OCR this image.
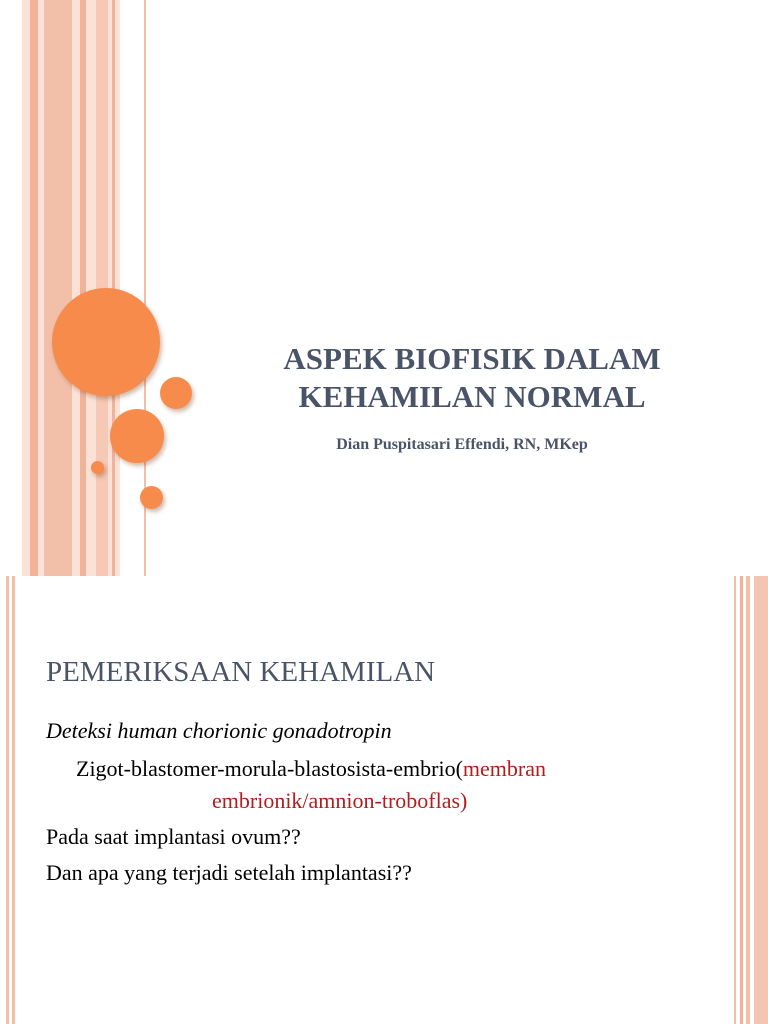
ASPEK BIOFISIK DALAM
KEHAMILAN NORMAL
Dian Puspitasari Effendi, RN, MKep
PEMERIKSAAN KEHAMILAN

Deteksi human chorionic gonadotropin

Zigot-blastomer-morula-blastosista-embrio(membran

embrionik/amnion-troboflas)

Pada saat implantasi ovum??

Dan apa yang terjadi setelah implantasi??
